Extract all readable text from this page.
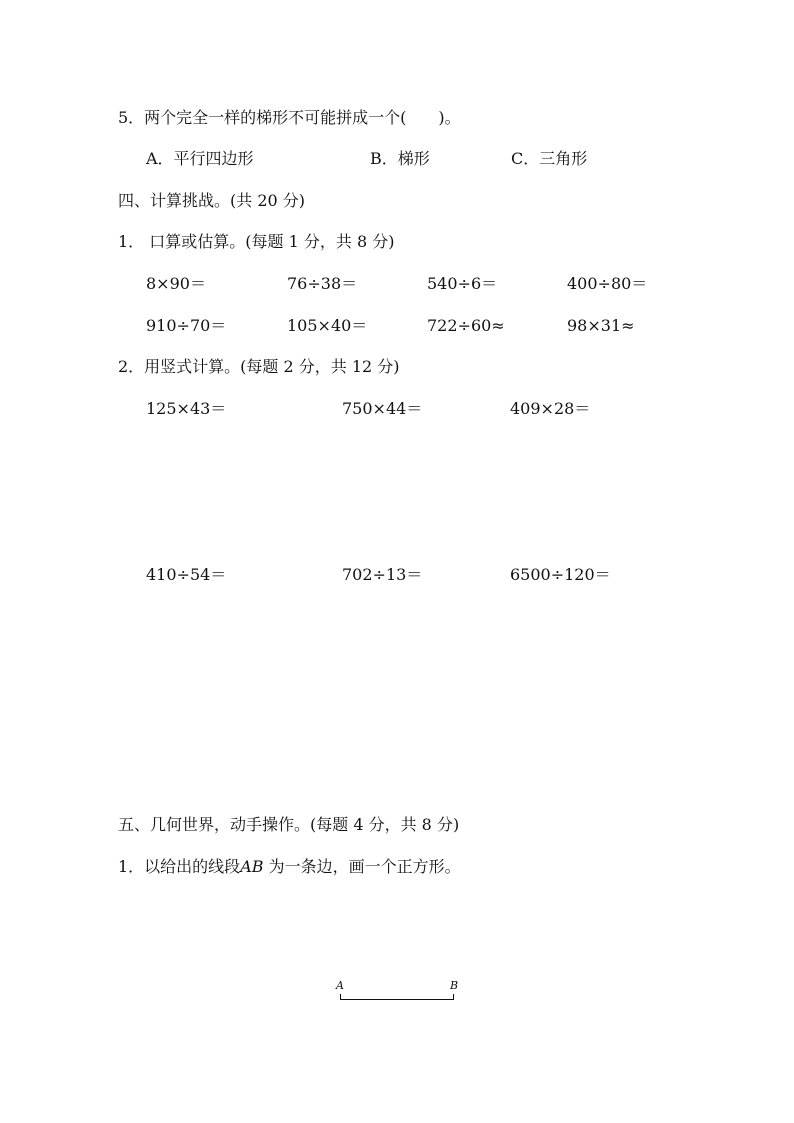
5．两个完全一样的梯形不可能拼成一个(　　)。
A．平行四边形	B．梯形	C．三角形
四、计算挑战。(共 20 分)
1． 口算或估算。(每题 1 分，共 8 分)
8×90＝	76÷38＝	540÷6＝	400÷80＝
910÷70＝	105×40＝	722÷60≈	98×31≈
2．用竖式计算。(每题 2 分，共 12 分)
125×43＝	750×44＝	409×28＝
410÷54＝	702÷13＝	6500÷120＝
五、几何世界，动手操作。(每题 4 分，共 8 分)
1．以给出的线段AB 为一条边，画一个正方形。
A	B
